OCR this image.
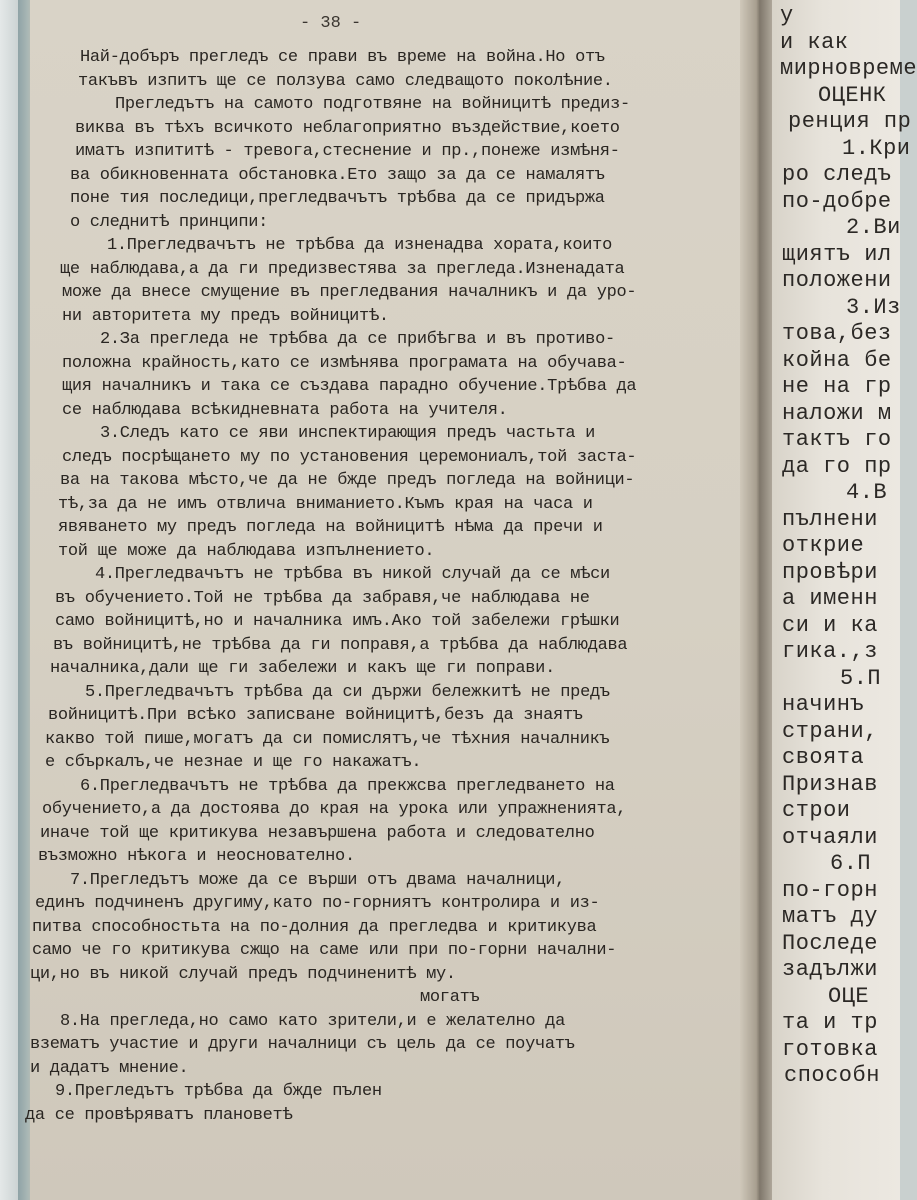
- 38 -
могатъ
Най-добъръ прегледъ се прави въ време на война.Но отъ
такъвъ изпитъ ще се ползува само следващото поколѣние.
Прегледътъ на самото подготвяне на войницитѣ предиз-
виква въ тѣхъ всичкото неблагоприятно въздействие,което
иматъ изпититѣ - тревога,стеснение и пр.,понеже измѣня-
ва обикновенната обстановка.Ето защо за да се намалятъ
поне тия последици,прегледвачътъ трѣбва да се придържа
о следнитѣ принципи:
1.Прегледвачътъ не трѣбва да изненадва хората,които
ще наблюдава,а да ги предизвестява за прегледа.Изненадата
може да внесе смущение въ прегледвания началникъ и да уро-
ни авторитета му предъ войницитѣ.
2.За прегледа не трѣбва да се прибѣгва и въ противо-
положна крайность,като се измѣнява програмата на обучава-
щия началникъ и така се създава парадно обучение.Трѣбва да
се наблюдава всѣкидневната работа на учителя.
3.Следъ като се яви инспектирающия предъ частьта и
следъ посрѣщането му по установения церемониалъ,той заста-
ва на такова мѣсто,че да не бжде предъ погледа на войници-
тѣ,за да не имъ отвлича вниманието.Къмъ края на часа и
явяването му предъ погледа на войницитѣ нѣма да пречи и
той ще може да наблюдава изпълнението.
4.Прегледвачътъ не трѣбва въ никой случай да се мѣси
въ обучението.Той не трѣбва да забравя,че наблюдава не
само войницитѣ,но и началника имъ.Ако той забележи грѣшки
въ войницитѣ,не трѣбва да ги поправя,а трѣбва да наблюдава
началника,дали ще ги забележи и какъ ще ги поправи.
5.Прегледвачътъ трѣбва да си държи бележкитѣ не предъ
войницитѣ.При всѣко записване войницитѣ,безъ да знаятъ
какво той пише,могатъ да си помислятъ,че тѣхния началникъ
е сбъркалъ,че незнае и ще го накажатъ.
6.Прегледвачътъ не трѣбва да прекжсва прегледването на
обучението,а да достоява до края на урока или упражненията,
иначе той ще критикува незавършена работа и следователно
възможно нѣкога и неоснователно.
7.Прегледътъ може да се върши отъ двама началници,
единъ подчиненъ другиму,като по-горниятъ контролира и из-
питва способностьта на по-долния да прегледва и критикува
само че го критикува сжщо на саме или при по-горни начални-
ци,но въ никой случай предъ подчиненитѣ му.
8.На прегледа,но само като зрители,и е желателно да
взематъ участие и други началници съ цель да се поучатъ
и дадатъ мнение.
9.Прегледътъ трѣбва да бжде пълен
да се провѣряватъ плановетѣ
у
и как
мирновреме
ОЦЕНК
ренция пр
1.Кри
ро следъ
по-добре
2.Ви
щиятъ ил
положени
3.Из
това,без
койна бе
не на гр
наложи м
тактъ го
да го пр
4.В
пълнени
открие
провѣри
а именн
си и ка
гика.,з
5.П
начинъ
страни,
своята
Признав
строи
отчаяли
6.П
по-горн
матъ ду
Последе
задължи
ОЦЕ
та и тр
готовка
способн
